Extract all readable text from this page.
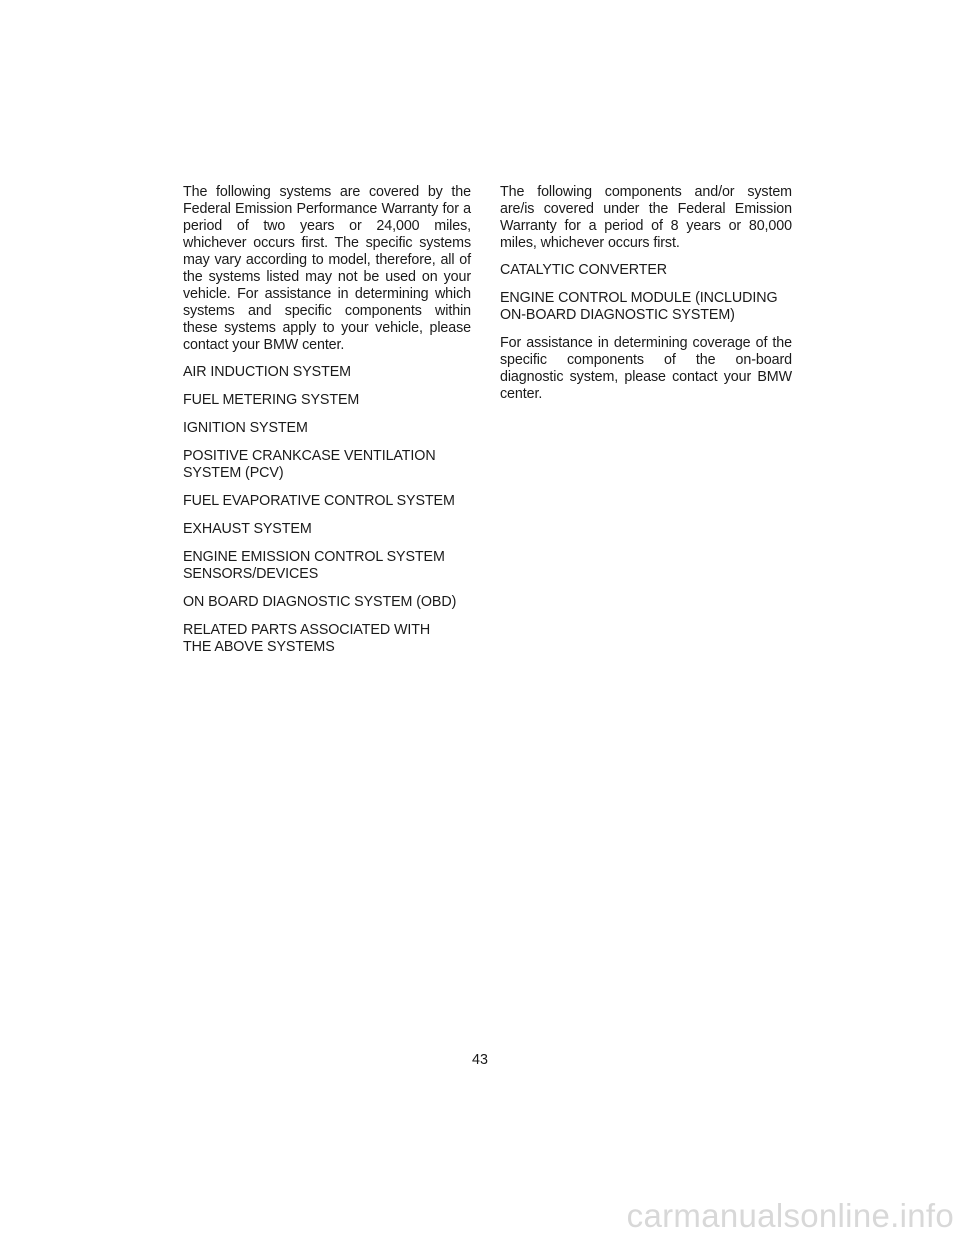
The following systems are covered by the Federal Emission Performance Warranty for a period of two years or 24,000 miles, whichever occurs first. The specific systems may vary according to model, therefore, all of the systems listed may not be used on your vehicle. For assistance in determining which systems and specific components within these systems apply to your vehicle, please contact your BMW center.

AIR INDUCTION SYSTEM

FUEL METERING SYSTEM

IGNITION SYSTEM

POSITIVE CRANKCASE VENTILATION
SYSTEM (PCV)

FUEL EVAPORATIVE CONTROL SYSTEM

EXHAUST SYSTEM

ENGINE EMISSION CONTROL SYSTEM
SENSORS/DEVICES

ON BOARD DIAGNOSTIC SYSTEM (OBD)

RELATED PARTS ASSOCIATED WITH
THE ABOVE SYSTEMS

The following components and/or system are/is covered under the Federal Emission Warranty for a period of 8 years or 80,000 miles, whichever occurs first.

CATALYTIC CONVERTER

ENGINE CONTROL MODULE (INCLUDING
ON-BOARD DIAGNOSTIC SYSTEM)

For assistance in determining coverage of the specific components of the on-board diagnostic system, please contact your BMW center.

43
carmanualsonline.info
